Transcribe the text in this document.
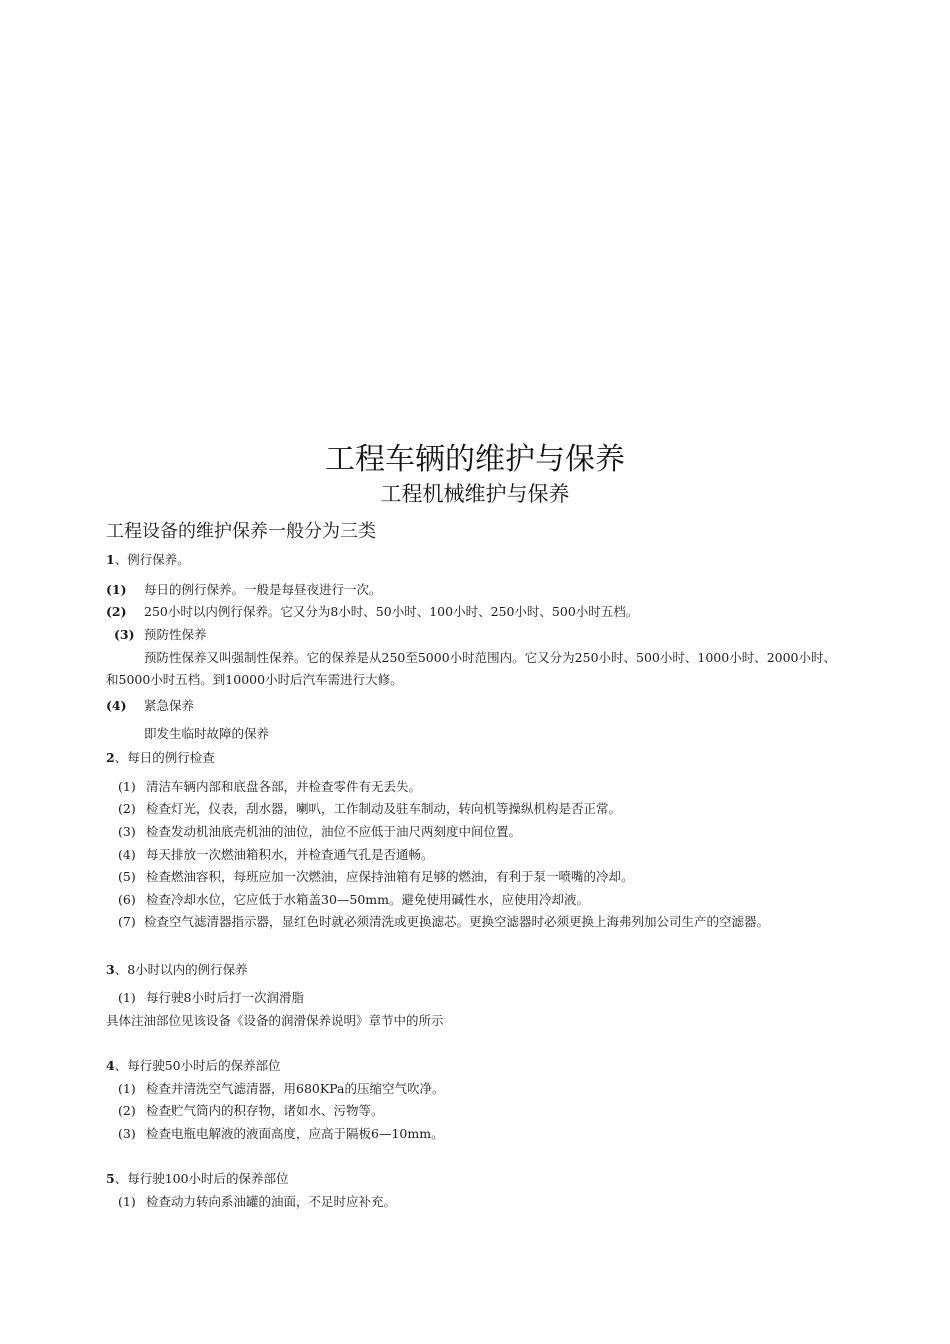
工程车辆的维护与保养
工程机械维护与保养
工程设备的维护保养一般分为三类
1、例行保养。
(1) 每日的例行保养。一般是每昼夜进行一次。
(2) 250小时以内例行保养。它又分为8小时、50小时、100小时、250小时、500小时五档。
(3) 预防性保养
预防性保养又叫强制性保养。它的保养是从250至5000小时范围内。它又分为250小时、500小时、1000小时、2000小时、
和5000小时五档。到10000小时后汽车需进行大修。
(4) 紧急保养
即发生临时故障的保养
2、每日的例行检查
(1) 清洁车辆内部和底盘各部，并检查零件有无丢失。
(2) 检查灯光，仪表，刮水器，喇叭，工作制动及驻车制动，转向机等操纵机构是否正常。
(3) 检查发动机油底壳机油的油位，油位不应低于油尺两刻度中间位置。
(4) 每天排放一次燃油箱积水，并检查通气孔是否通畅。
(5) 检查燃油容积，每班应加一次燃油，应保持油箱有足够的燃油，有利于泵一喷嘴的冷却。
(6) 检查冷却水位，它应低于水箱盖30—50mm。避免使用碱性水，应使用冷却液。
(7) 检查空气滤清器指示器，显红色时就必须清洗或更换滤芯。更换空滤器时必须更换上海弗列加公司生产的空滤器。
3、8小时以内的例行保养
(1) 每行驶8小时后打一次润滑脂
具体注油部位见该设备《设备的润滑保养说明》章节中的所示
4、每行驶50小时后的保养部位
(1) 检查并清洗空气滤清器，用680KPa的压缩空气吹净。
(2) 检查贮气筒内的积存物，诸如水、污物等。
(3) 检查电瓶电解液的液面高度，应高于隔板6—10mm。
5、每行驶100小时后的保养部位
(1) 检查动力转向系油罐的油面，不足时应补充。
